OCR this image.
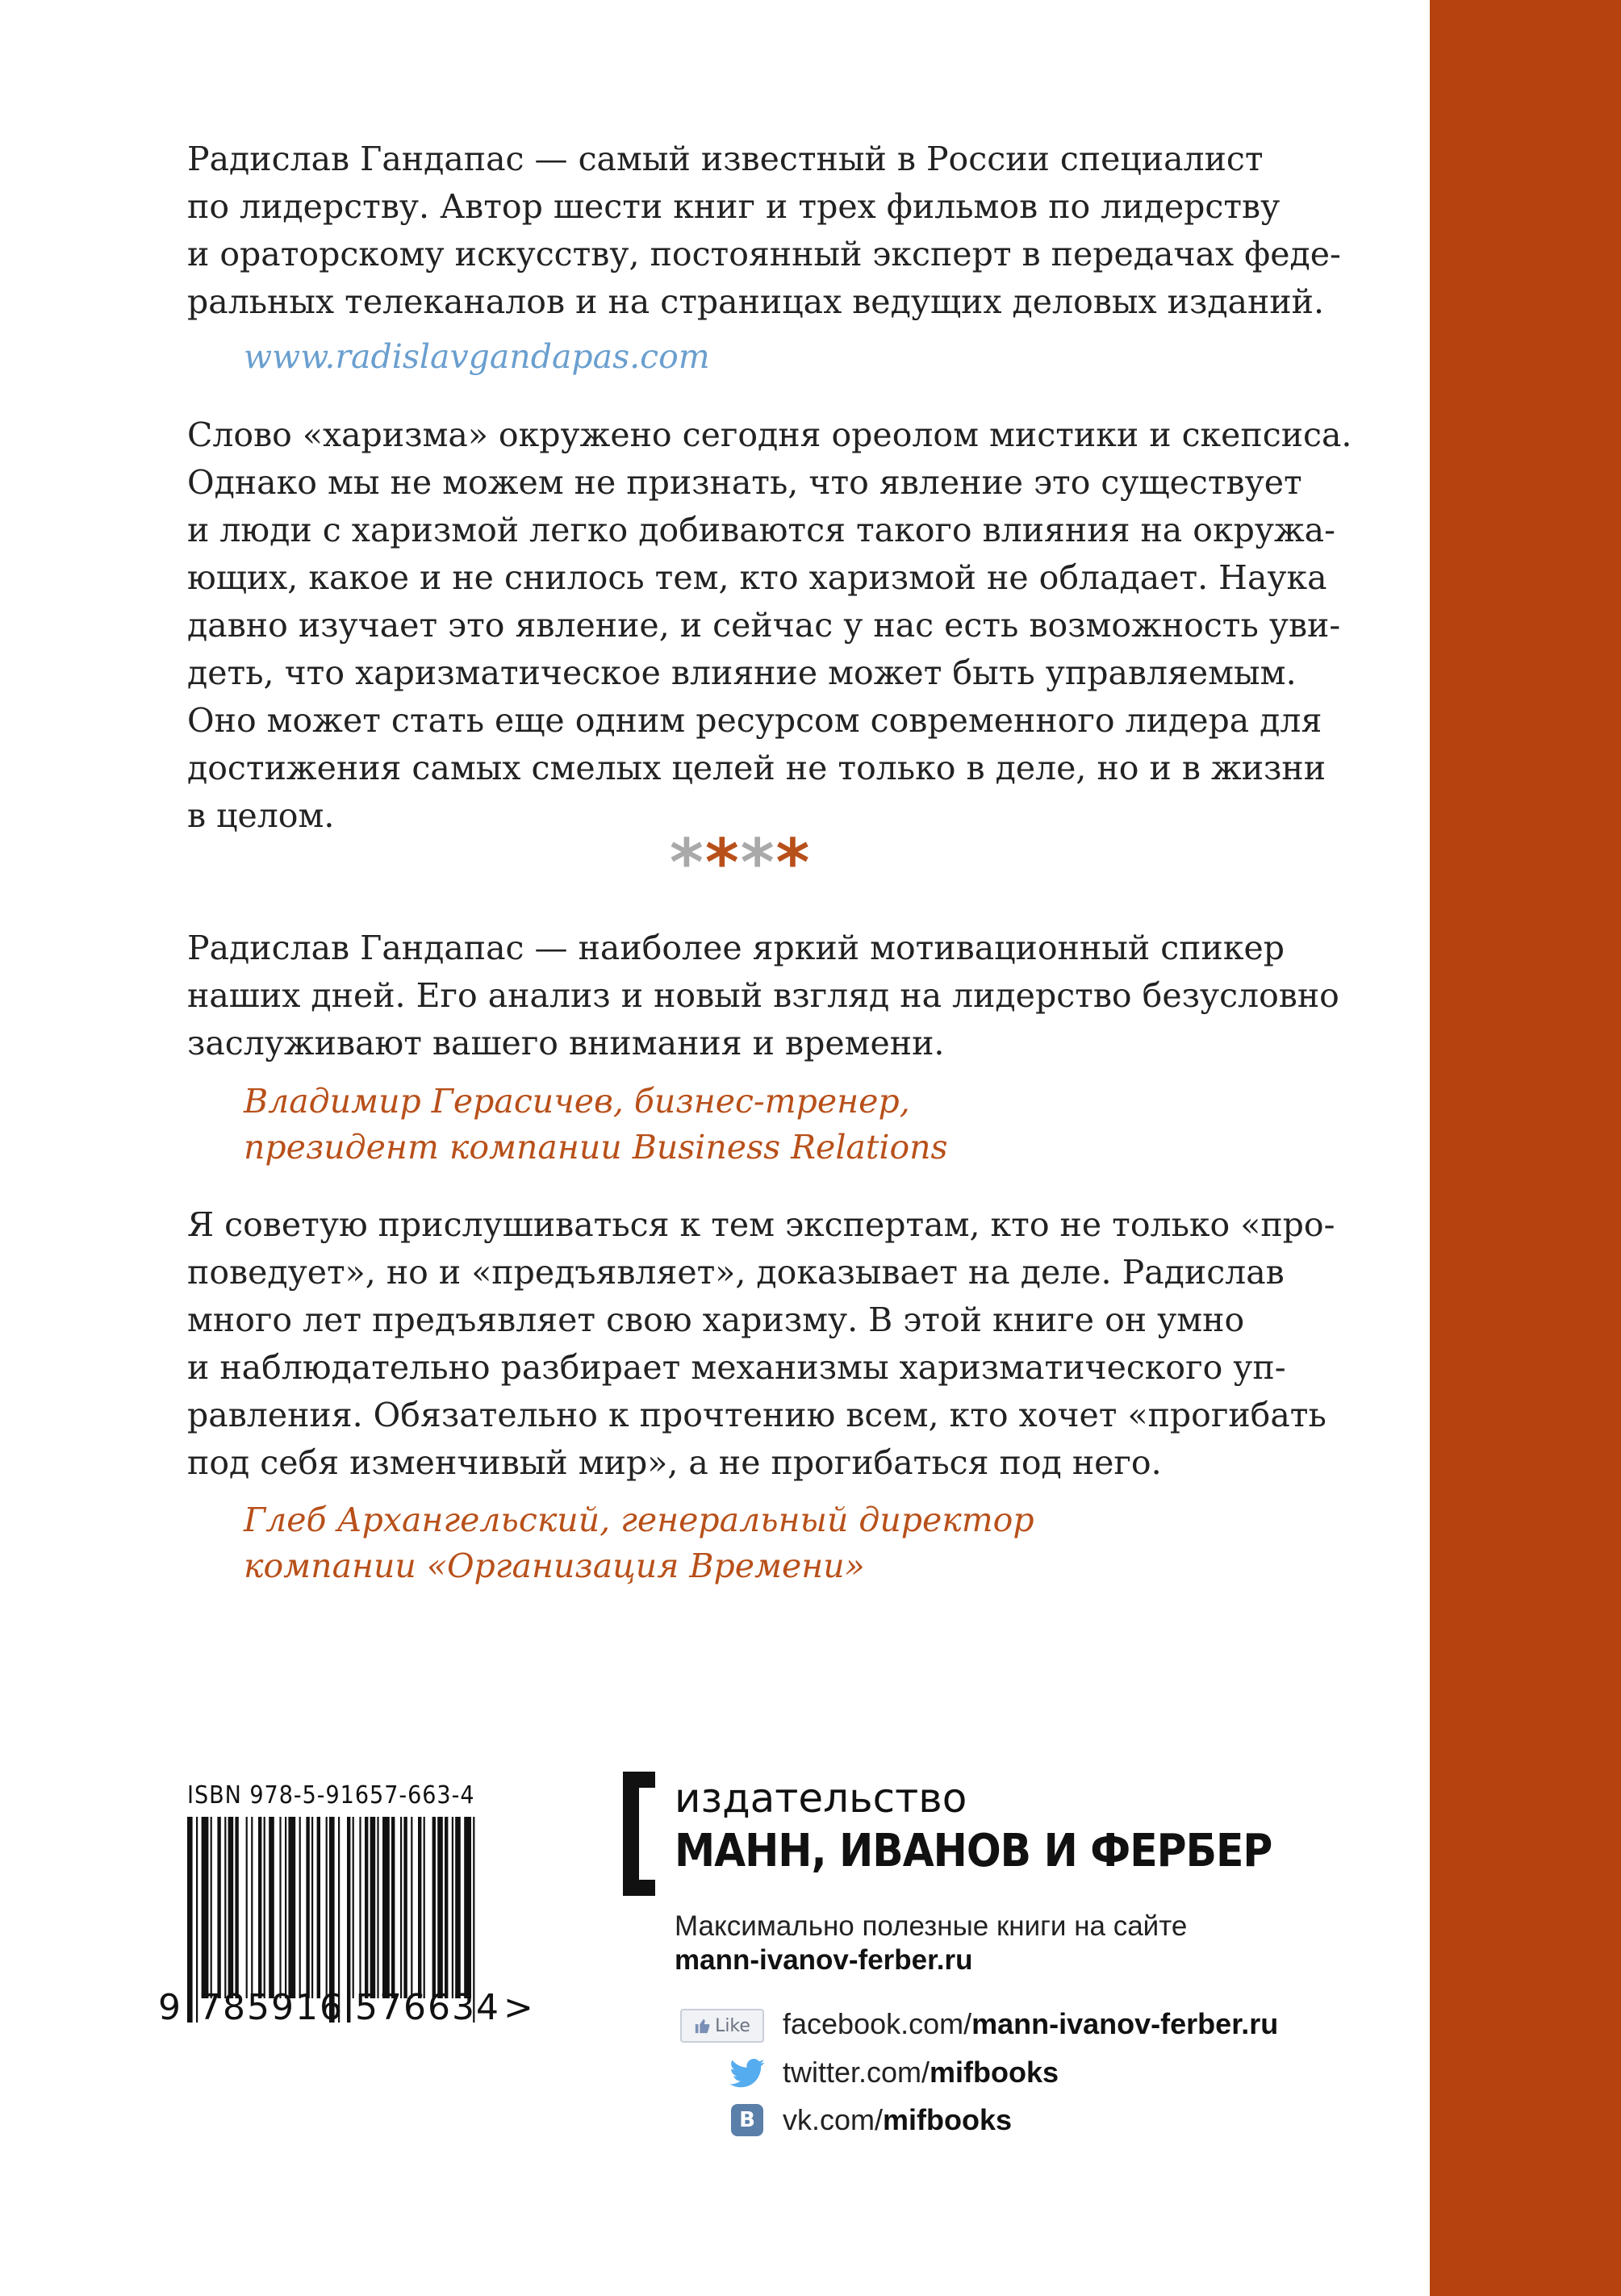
Радислав Гандапас — самый известный в России специалист

по лидерству. Автор шести книг и трех фильмов по лидерству

и ораторскому искусству, постоянный эксперт в передачах феде-

ральных телеканалов и на страницах ведущих деловых изданий.

www.radislavgandapas.com

Слово «харизма» окружено сегодня ореолом мистики и скепсиса.

Однако мы не можем не признать, что явление это существует

и люди с харизмой легко добиваются такого влияния на окружа-

ющих, какое и не снилось тем, кто харизмой не обладает. Наука

давно изучает это явление, и сейчас у нас есть возможность уви-

деть, что харизматическое влияние может быть управляемым.

Оно может стать еще одним ресурсом современного лидера для

достижения самых смелых целей не только в деле, но и в жизни

в целом.

****

Радислав Гандапас — наиболее яркий мотивационный спикер

наших дней. Его анализ и новый взгляд на лидерство безусловно

заслуживают вашего внимания и времени.

Владимир Герасичев, бизнес-тренер,

президент компании Business Relations

Я советую прислушиваться к тем экспертам, кто не только «про-

поведует», но и «предъявляет», доказывает на деле. Радислав

много лет предъявляет свою харизму. В этой книге он умно

и наблюдательно разбирает механизмы харизматического уп-

равления. Обязательно к прочтению всем, кто хочет «прогибать

под себя изменчивый мир», а не прогибаться под него.

Глеб Архангельский, генеральный директор

компании «Организация Времени»

ISBN 978-5-91657-663-4
9 785916 576634>
издательство
МАНН, ИВАНОВ И ФЕРБЕР
Максимально полезные книги на сайте
mann-ivanov-ferber.ru
Like facebook.com/mann-ivanov-ferber.ru
twitter.com/mifbooks
В vk.com/mifbooks
